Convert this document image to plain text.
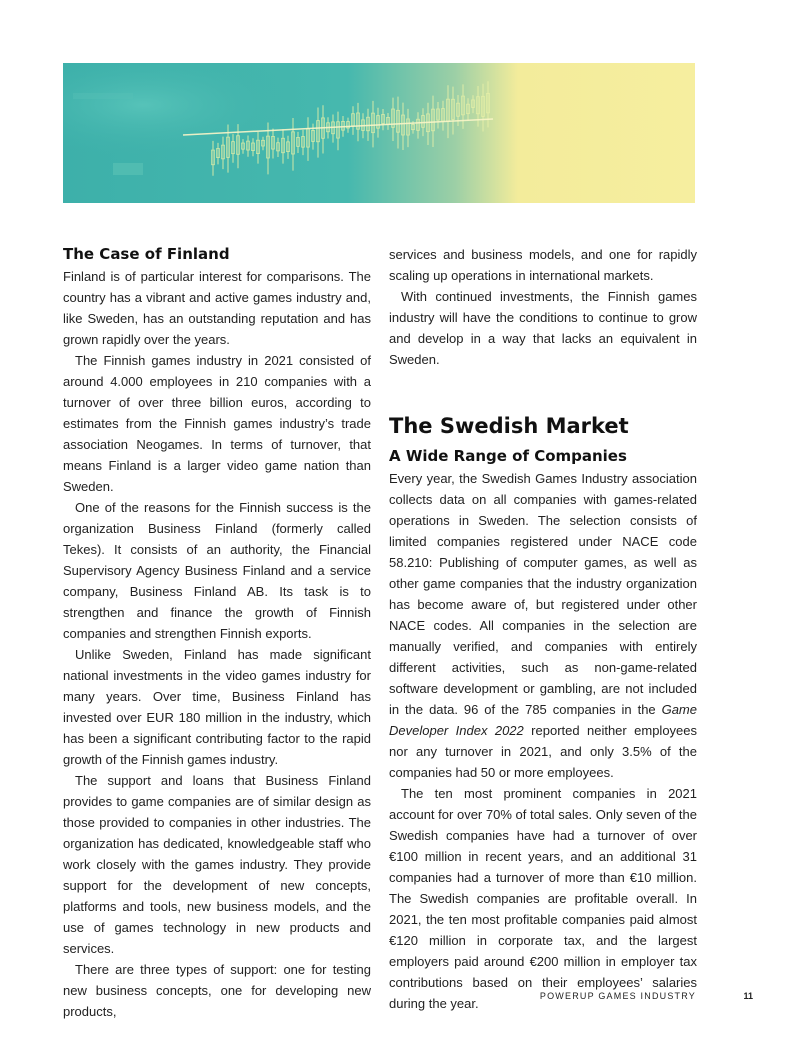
The Case of Finland

Finland is of particular interest for comparisons. The country has a vibrant and active games industry and, like Sweden, has an outstanding reputation and has grown rapidly over the years.

The Finnish games industry in 2021 consisted of around 4.000 employees in 210 companies with a turnover of over three billion euros, according to estimates from the Finnish games industry’s trade association Neogames. In terms of turnover, that means Finland is a larger video game nation than Sweden.

One of the reasons for the Finnish success is the organization Business Finland (formerly called Tekes). It consists of an authority, the Financial Supervisory Agency Business Finland and a service company, Business Finland AB. Its task is to strengthen and finance the growth of Finnish companies and strengthen Finnish exports.

Unlike Sweden, Finland has made significant national investments in the video games industry for many years. Over time, Business Finland has invested over EUR 180 million in the industry, which has been a significant contributing factor to the rapid growth of the Finnish games industry.

The support and loans that Business Finland provides to game companies are of similar design as those provided to companies in other industries. The organization has dedicated, knowledgeable staff who work closely with the games industry. They provide support for the development of new concepts, platforms and tools, new business models, and the use of games technology in new products and services.

There are three types of support: one for testing new business concepts, one for developing new products,

services and business models, and one for rapidly scaling up operations in international markets.

With continued investments, the Finnish games industry will have the conditions to continue to grow and develop in a way that lacks an equivalent in Sweden.

The Swedish Market
A Wide Range of Companies

Every year, the Swedish Games Industry association collects data on all companies with games-related operations in Sweden. The selection consists of limited companies registered under NACE code 58.210: Publishing of computer games, as well as other game companies that the industry organization has become aware of, but registered under other NACE codes. All companies in the selection are manually verified, and companies with entirely different activities, such as non-game-related software development or gambling, are not included in the data. 96 of the 785 companies in the Game Developer Index 2022 reported neither employees nor any turnover in 2021, and only 3.5% of the companies had 50 or more employees.

The ten most prominent companies in 2021 account for over 70% of total sales. Only seven of the Swedish companies have had a turnover of over €100 million in recent years, and an additional 31 companies had a turnover of more than €10 million. The Swedish companies are profitable overall. In 2021, the ten most profitable companies paid almost €120 million in corporate tax, and the largest employers paid around €200 million in employer tax contributions based on their employees’ salaries during the year.	POWERUP GAMES INDUSTRY	11
